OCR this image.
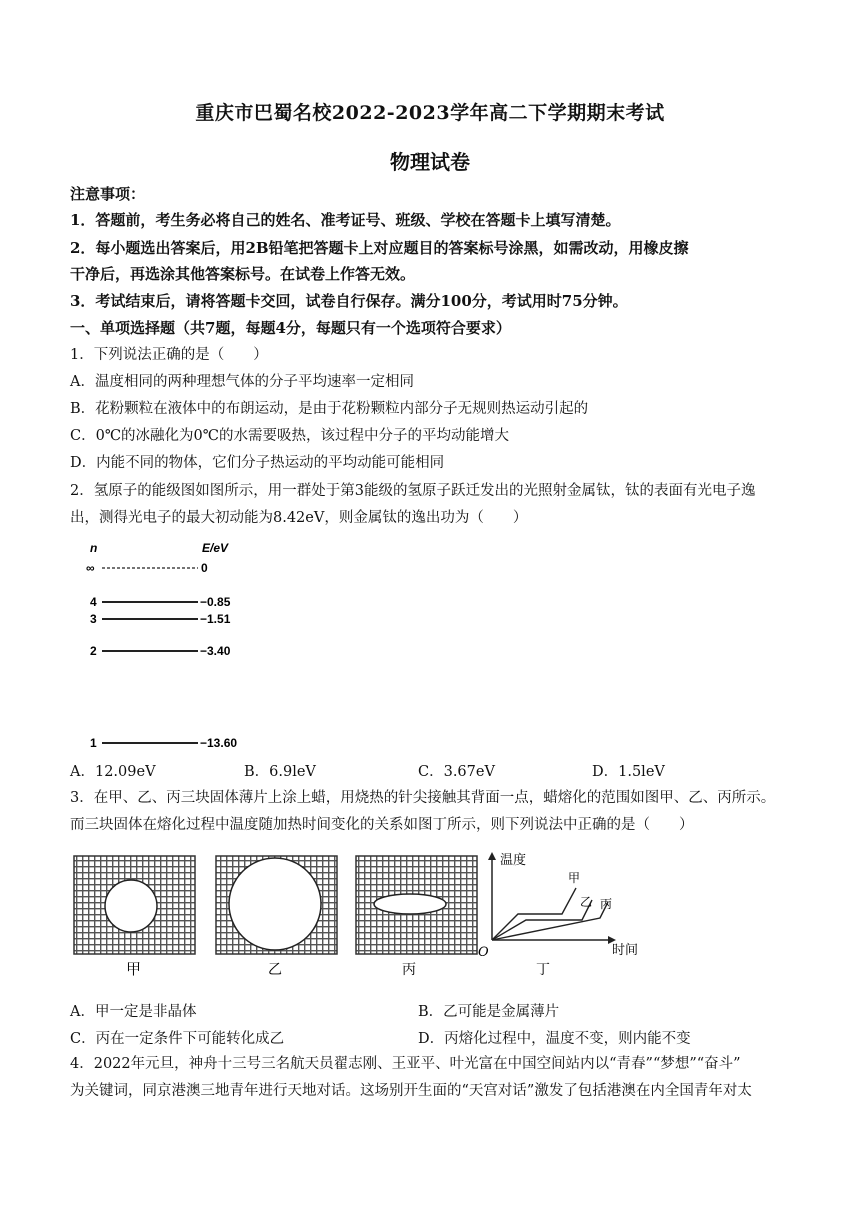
重庆市巴蜀名校2022-2023学年高二下学期期末考试
物理试卷
注意事项：
1．答题前，考生务必将自己的姓名、准考证号、班级、学校在答题卡上填写清楚。
2．每小题选出答案后，用2B铅笔把答题卡上对应题目的答案标号涂黑，如需改动，用橡皮擦
干净后，再选涂其他答案标号。在试卷上作答无效。
3．考试结束后，请将答题卡交回，试卷自行保存。满分100分，考试用时75分钟。
一、单项选择题（共7题，每题4分，每题只有一个选项符合要求）
1．下列说法正确的是（　　）
A．温度相同的两种理想气体的分子平均速率一定相同
B．花粉颗粒在液体中的布朗运动，是由于花粉颗粒内部分子无规则热运动引起的
C．0℃的冰融化为0℃的水需要吸热，该过程中分子的平均动能增大
D．内能不同的物体，它们分子热运动的平均动能可能相同
2．氢原子的能级图如图所示，用一群处于第3能级的氢原子跃迁发出的光照射金属钛，钛的表面有光电子逸
出，测得光电子的最大初动能为8.42eV，则金属钛的逸出功为（　　）
n	E/eV
∞	0
4	−0.85
3	−1.51
2	−3.40
1	−13.60
A．12.09eV	B．6.9leV	C．3.67eV	D．1.5leV
3．在甲、乙、丙三块固体薄片上涂上蜡，用烧热的针尖接触其背面一点，蜡熔化的范围如图甲、乙、丙所示。
而三块固体在熔化过程中温度随加热时间变化的关系如图丁所示，则下列说法中正确的是（　　）
甲	乙	丙
温度
时间
O
甲
乙 丙
丁
A．甲一定是非晶体	B．乙可能是金属薄片
C．丙在一定条件下可能转化成乙	D．丙熔化过程中，温度不变，则内能不变
4．2022年元旦，神舟十三号三名航天员翟志刚、王亚平、叶光富在中国空间站内以“青春”“梦想”“奋斗”
为关键词，同京港澳三地青年进行天地对话。这场别开生面的“天宫对话”激发了包括港澳在内全国青年对太
